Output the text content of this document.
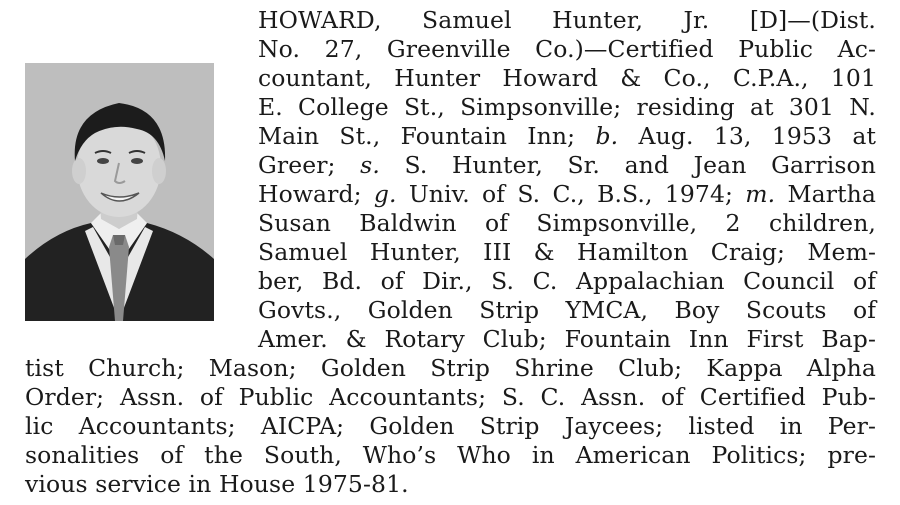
HOWARD, Samuel Hunter, Jr. [D]—(Dist.
No. 27, Greenville Co.)—Certified Public Ac-
countant, Hunter Howard & Co., C.P.A., 101
E. College St., Simpsonville; residing at 301 N.
Main St., Fountain Inn; b. Aug. 13, 1953 at
Greer; s. S. Hunter, Sr. and Jean Garrison
Howard; g. Univ. of S. C., B.S., 1974; m. Martha
Susan Baldwin of Simpsonville, 2 children,
Samuel Hunter, III & Hamilton Craig; Mem-
ber, Bd. of Dir., S. C. Appalachian Council of
Govts., Golden Strip YMCA, Boy Scouts of
Amer. & Rotary Club; Fountain Inn First Bap-
tist Church; Mason; Golden Strip Shrine Club; Kappa Alpha
Order; Assn. of Public Accountants; S. C. Assn. of Certified Pub-
lic Accountants; AICPA; Golden Strip Jaycees; listed in Per-
sonalities of the South, Who’s Who in American Politics; pre-
vious service in House 1975-81.
